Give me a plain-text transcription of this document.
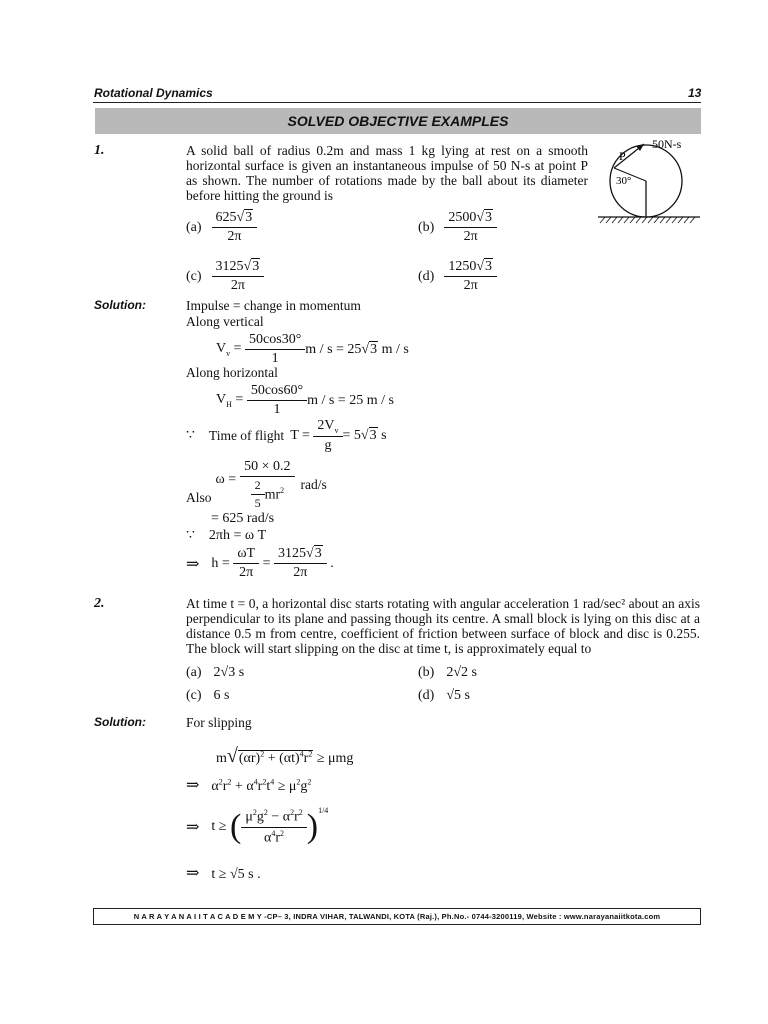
Rotational Dynamics	13
SOLVED OBJECTIVE EXAMPLES
1.	A solid ball of radius 0.2m and mass 1 kg lying at rest on a smooth horizontal surface is given an instantaneous impulse of 50 N-s at point P as shown. The number of rotations made by the ball about its diameter before hitting the ground is
50N-s
P
30°
$(a) \frac{625√3}{2\pi}$	$(b) \frac{2500√3}{2\pi}$
$(c) \frac{3125√3}{2\pi}$	$(d) \frac{1250√3}{2\pi}$
Solution:	Impulse = change in momentum
Along vertical
$V_v = \frac{50\cos 30^\circ}{1}$ m / s = 25 √3 m / s
Along horizontal
$V_H = \frac{50\cos 60^\circ}{1}$ m / s = 25 m / s
∵ Time of flight $T = \frac{2V_v}{g} = 5$ √3 s
Also
$\omega = \frac{50 \times 0.2}{\frac{2}{5} mr^2} rad/s$
= 625 rad/s
∵ 2πh = ω T
⇒ $h = \frac{\omega T}{2\pi} = \frac{3125√3}{2\pi}$ .
2.	At time t = 0, a horizontal disc starts rotating with angular acceleration 1 rad/sec² about an axis perpendicular to its plane and passing though its centre. A small block is lying on this disc at a distance 0.5 m from centre, coefficient of friction between surface of block and disc is 0.255. The block will start slipping on the disc at time t, is approximately equal to
(a) 2√3 s	(b) 2√2 s
(c) 6 s	(d) √5 s
Solution:	For slipping
$m√(\alpha r)^2 + (\alpha t)^4r^2 \ge \mu mg$
⇒ $\alpha^2r^2 + \alpha^4r^2t^4 \ge \mu^2g^2$
⇒ t ≥ ( $\frac{\mu^2g^2 - \alpha^2r^2}{\alpha^4r^2}$ ) 1/4
⇒ t ≥ √5 s .
N A R A Y A N A I I T A C A D E M Y -CP– 3, INDRA VIHAR, TALWANDI, KOTA (Raj.), Ph.No.- 0744-3200119, Website : www.narayanaiitkota.com
